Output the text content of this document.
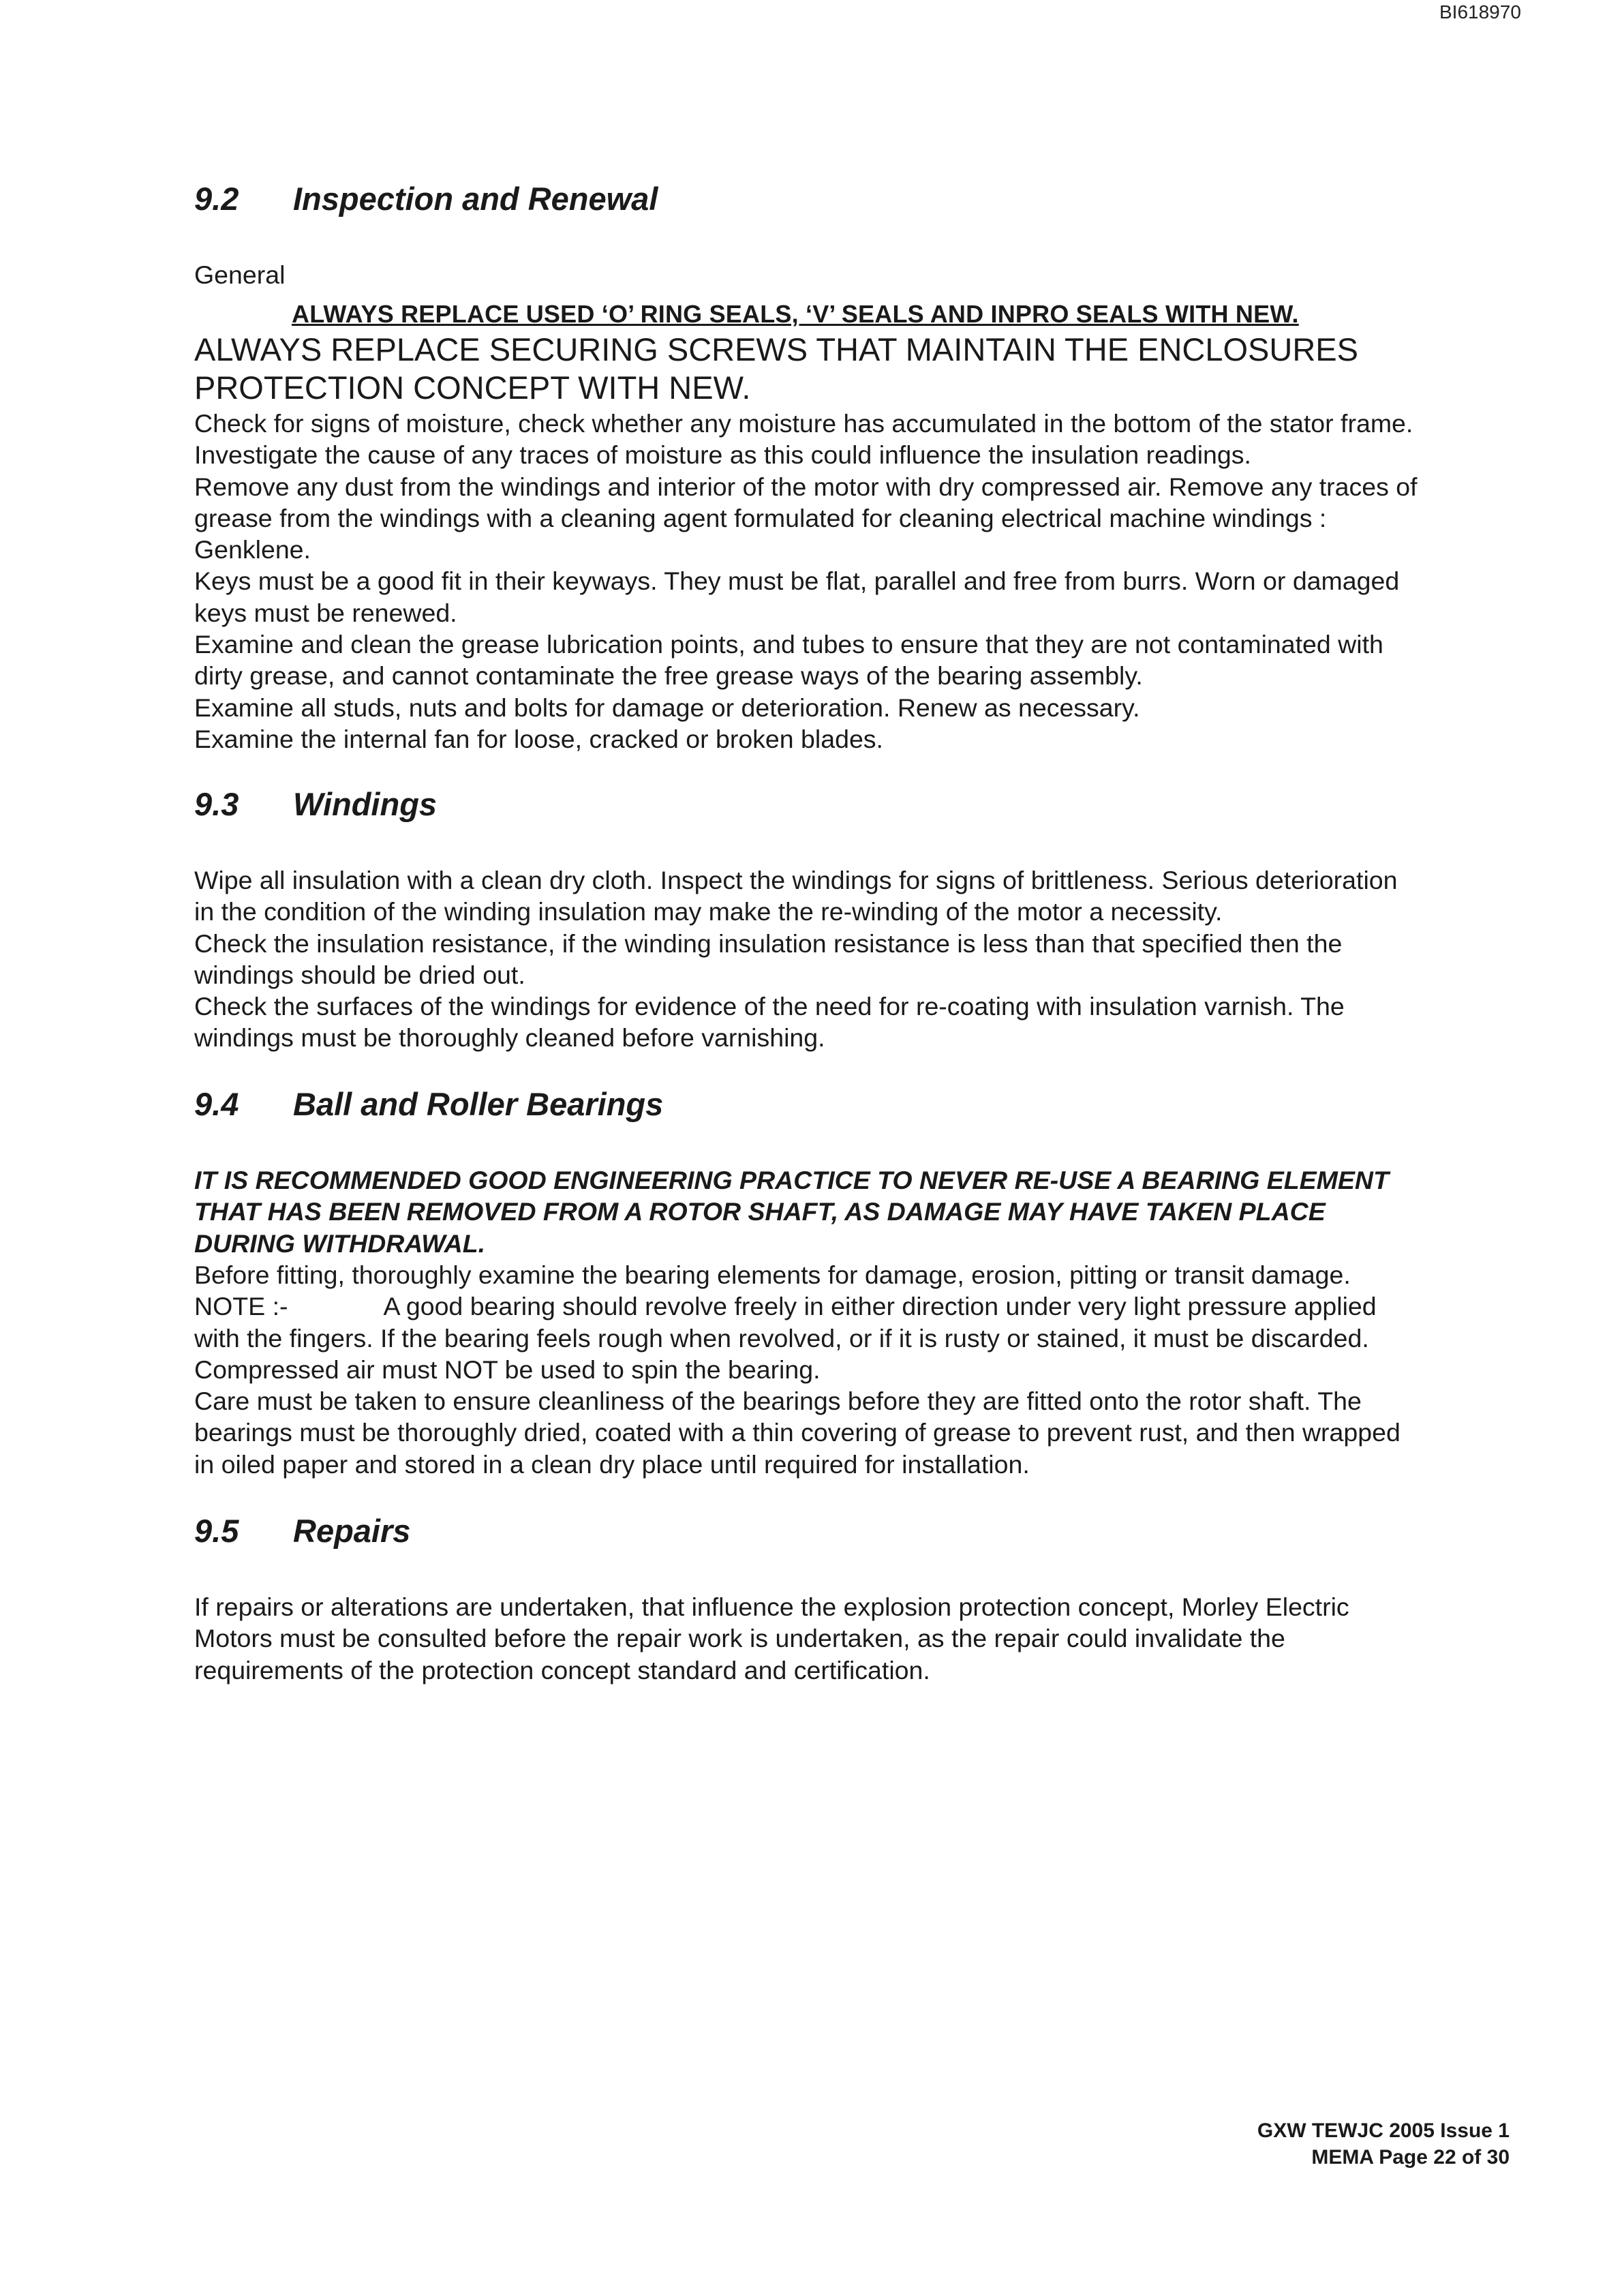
BI618970
9.2 Inspection and Renewal
General
ALWAYS REPLACE USED ‘O’ RING SEALS, ‘V’ SEALS AND INPRO SEALS WITH NEW.
ALWAYS REPLACE SECURING SCREWS THAT MAINTAIN THE ENCLOSURES
PROTECTION CONCEPT WITH NEW.
Check for signs of moisture, check whether any moisture has accumulated in the bottom of the stator frame.
Investigate the cause of any traces of moisture as this could influence the insulation readings.
Remove any dust from the windings and interior of the motor with dry compressed air. Remove any traces of
grease from the windings with a cleaning agent formulated for cleaning electrical machine windings :
Genklene.
Keys must be a good fit in their keyways. They must be flat, parallel and free from burrs. Worn or damaged
keys must be renewed.
Examine and clean the grease lubrication points, and tubes to ensure that they are not contaminated with
dirty grease, and cannot contaminate the free grease ways of the bearing assembly.
Examine all studs, nuts and bolts for damage or deterioration. Renew as necessary.
Examine the internal fan for loose, cracked or broken blades.
9.3 Windings
Wipe all insulation with a clean dry cloth. Inspect the windings for signs of brittleness. Serious deterioration
in the condition of the winding insulation may make the re-winding of the motor a necessity.
Check the insulation resistance, if the winding insulation resistance is less than that specified then the
windings should be dried out.
Check the surfaces of the windings for evidence of the need for re-coating with insulation varnish. The
windings must be thoroughly cleaned before varnishing.
9.4 Ball and Roller Bearings
IT IS RECOMMENDED GOOD ENGINEERING PRACTICE TO NEVER RE-USE A BEARING ELEMENT
THAT HAS BEEN REMOVED FROM A ROTOR SHAFT, AS DAMAGE MAY HAVE TAKEN PLACE
DURING WITHDRAWAL.
Before fitting, thoroughly examine the bearing elements for damage, erosion, pitting or transit damage.
NOTE :-	A good bearing should revolve freely in either direction under very light pressure applied
with the fingers. If the bearing feels rough when revolved, or if it is rusty or stained, it must be discarded.
Compressed air must NOT be used to spin the bearing.
Care must be taken to ensure cleanliness of the bearings before they are fitted onto the rotor shaft. The
bearings must be thoroughly dried, coated with a thin covering of grease to prevent rust, and then wrapped
in oiled paper and stored in a clean dry place until required for installation.
9.5 Repairs
If repairs or alterations are undertaken, that influence the explosion protection concept, Morley Electric
Motors must be consulted before the repair work is undertaken, as the repair could invalidate the
requirements of the protection concept standard and certification.
GXW TEWJC 2005 Issue 1
MEMA Page 22 of 30
